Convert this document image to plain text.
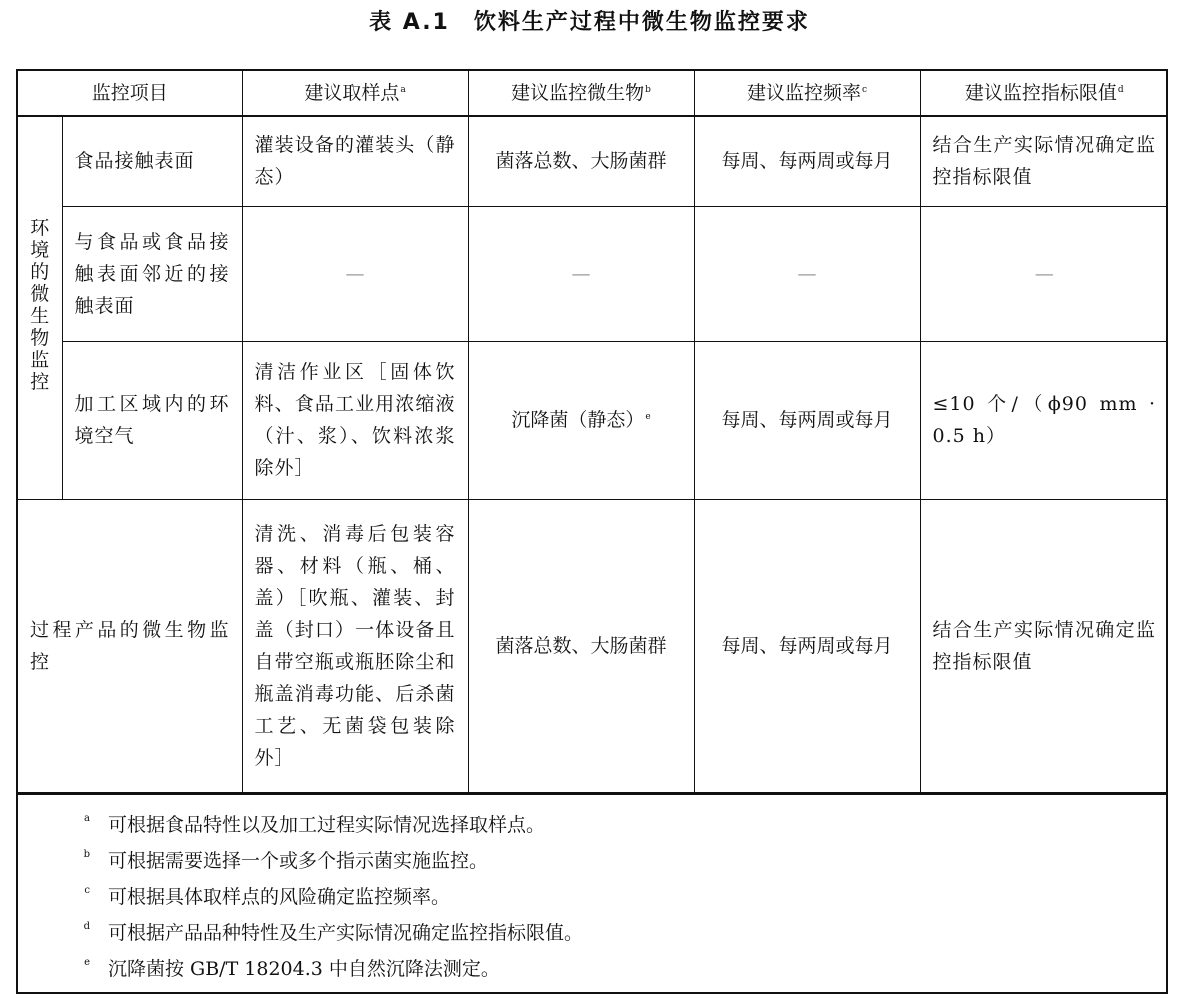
表 A.1　饮料生产过程中微生物监控要求
监控项目		建议取样点$^a$	建议监控微生物$^b$	建议监控频率$^c$	建议监控指标限值$^d$
环境的微生物监控	食品接触表面	灌装设备的灌装头（静态）	菌落总数、大肠菌群	每周、每两周或每月	结合生产实际情况确定监控指标限值
	与食品或食品接触表面邻近的接触表面	—	—	—	—
	加工区域内的环境空气	清洁作业区［固体饮料、食品工业用浓缩液（汁、浆）、饮料浓浆除外］	沉降菌（静态）$^e$	每周、每两周或每月	≤10 个/（ϕ90 mm · 0.5 h）
过程产品的微生物监控		清洗、消毒后包装容器、材料（瓶、桶、盖）［吹瓶、灌装、封盖（封口）一体设备且自带空瓶或瓶胚除尘和瓶盖消毒功能、后杀菌工艺、无菌袋包装除外］	菌落总数、大肠菌群	每周、每两周或每月	结合生产实际情况确定监控指标限值
a 可根据食品特性以及加工过程实际情况选择取样点。
b 可根据需要选择一个或多个指示菌实施监控。
c 可根据具体取样点的风险确定监控频率。
d 可根据产品品种特性及生产实际情况确定监控指标限值。
e 沉降菌按 GB/T 18204.3 中自然沉降法测定。
